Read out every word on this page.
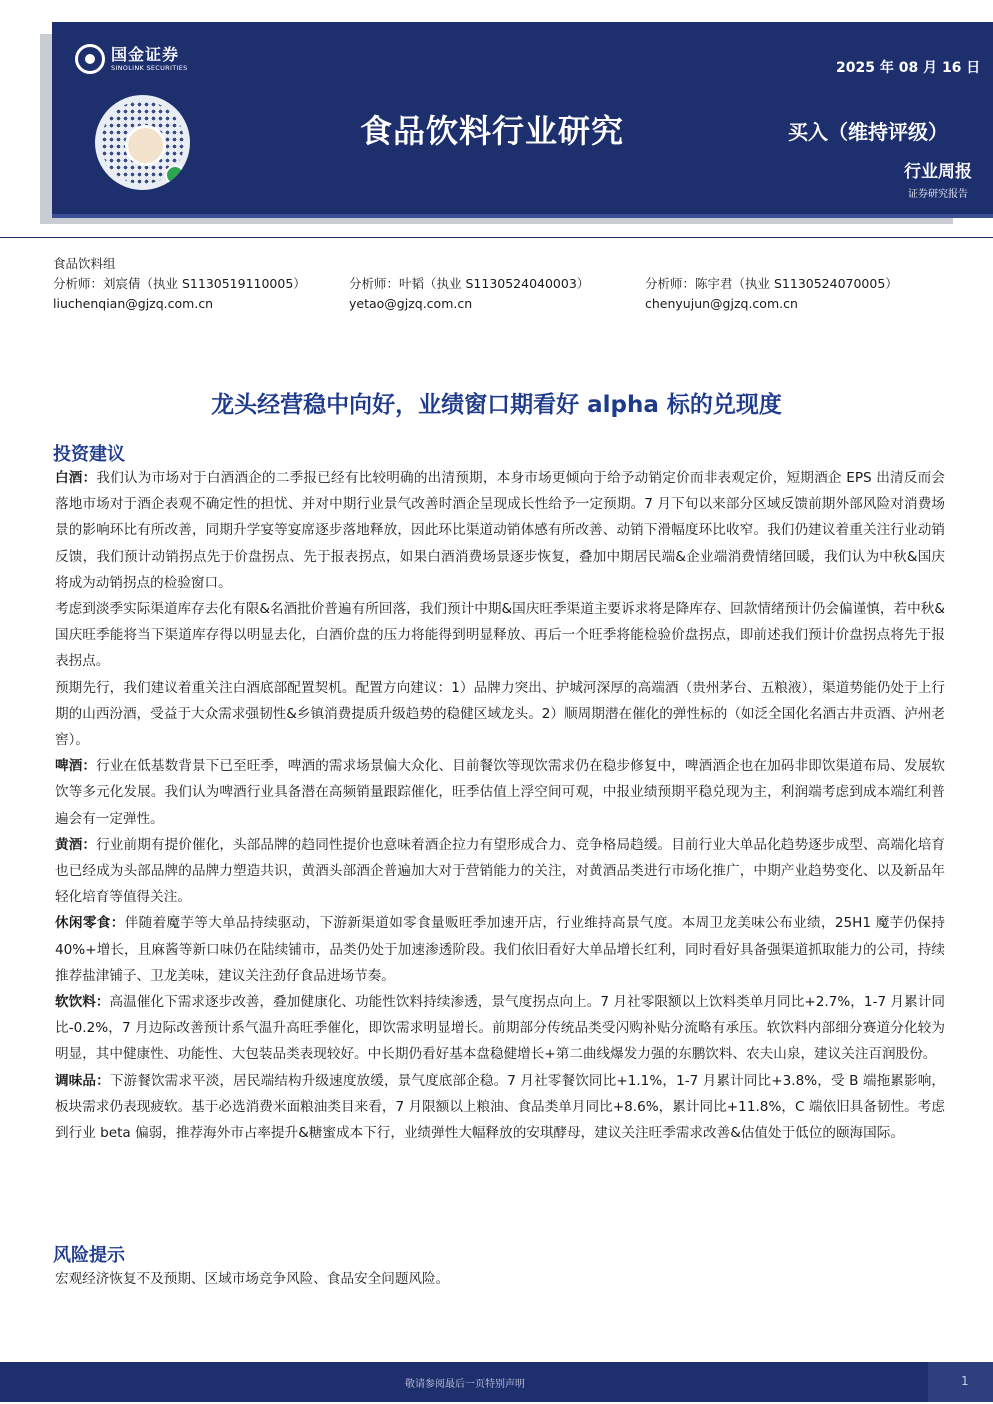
国金证券
SINOLINK SECURITIES	2025 年 08 月 16 日
食品饮料行业研究	买入（维持评级）
行业周报
证券研究报告
食品饮料组
分析师：刘宸倩（执业 S1130519110005）	分析师：叶韬（执业 S1130524040003）	分析师：陈宇君（执业 S1130524070005）
liuchenqian@gjzq.com.cn	yetao@gjzq.com.cn	chenyujun@gjzq.com.cn
龙头经营稳中向好，业绩窗口期看好 alpha 标的兑现度
投资建议

白酒：我们认为市场对于白酒酒企的二季报已经有比较明确的出清预期，本身市场更倾向于给予动销定价而非表观定价，短期酒企 EPS 出清反而会落地市场对于酒企表观不确定性的担忧、并对中期行业景气改善时酒企呈现成长性给予一定预期。7 月下旬以来部分区域反馈前期外部风险对消费场景的影响环比有所改善，同期升学宴等宴席逐步落地释放，因此环比渠道动销体感有所改善、动销下滑幅度环比收窄。我们仍建议着重关注行业动销反馈，我们预计动销拐点先于价盘拐点、先于报表拐点，如果白酒消费场景逐步恢复，叠加中期居民端&企业端消费情绪回暖，我们认为中秋&国庆将成为动销拐点的检验窗口。

考虑到淡季实际渠道库存去化有限&名酒批价普遍有所回落，我们预计中期&国庆旺季渠道主要诉求将是降库存、回款情绪预计仍会偏谨慎，若中秋&国庆旺季能将当下渠道库存得以明显去化，白酒价盘的压力将能得到明显释放、再后一个旺季将能检验价盘拐点，即前述我们预计价盘拐点将先于报表拐点。

预期先行，我们建议着重关注白酒底部配置契机。配置方向建议：1）品牌力突出、护城河深厚的高端酒（贵州茅台、五粮液），渠道势能仍处于上行期的山西汾酒，受益于大众需求强韧性&乡镇消费提质升级趋势的稳健区域龙头。2）顺周期潜在催化的弹性标的（如泛全国化名酒古井贡酒、泸州老窖）。

啤酒：行业在低基数背景下已至旺季，啤酒的需求场景偏大众化、目前餐饮等现饮需求仍在稳步修复中，啤酒酒企也在加码非即饮渠道布局、发展软饮等多元化发展。我们认为啤酒行业具备潜在高频销量跟踪催化，旺季估值上浮空间可观，中报业绩预期平稳兑现为主，利润端考虑到成本端红利普遍会有一定弹性。

黄酒：行业前期有提价催化，头部品牌的趋同性提价也意味着酒企拉力有望形成合力、竞争格局趋缓。目前行业大单品化趋势逐步成型、高端化培育也已经成为头部品牌的品牌力塑造共识，黄酒头部酒企普遍加大对于营销能力的关注，对黄酒品类进行市场化推广，中期产业趋势变化、以及新品年轻化培育等值得关注。

休闲零食：伴随着魔芋等大单品持续驱动，下游新渠道如零食量贩旺季加速开店，行业维持高景气度。本周卫龙美味公布业绩，25H1 魔芋仍保持 40%+增长，且麻酱等新口味仍在陆续铺市，品类仍处于加速渗透阶段。我们依旧看好大单品增长红利，同时看好具备强渠道抓取能力的公司，持续推荐盐津铺子、卫龙美味，建议关注劲仔食品进场节奏。

软饮料：高温催化下需求逐步改善，叠加健康化、功能性饮料持续渗透，景气度拐点向上。7 月社零限额以上饮料类单月同比+2.7%，1-7 月累计同比-0.2%，7 月边际改善预计系气温升高旺季催化，即饮需求明显增长。前期部分传统品类受闪购补贴分流略有承压。软饮料内部细分赛道分化较为明显，其中健康性、功能性、大包装品类表现较好。中长期仍看好基本盘稳健增长+第二曲线爆发力强的东鹏饮料、农夫山泉，建议关注百润股份。

调味品：下游餐饮需求平淡，居民端结构升级速度放缓，景气度底部企稳。7 月社零餐饮同比+1.1%，1-7 月累计同比+3.8%，受 B 端拖累影响，板块需求仍表现疲软。基于必选消费米面粮油类目来看，7 月限额以上粮油、食品类单月同比+8.6%，累计同比+11.8%，C 端依旧具备韧性。考虑到行业 beta 偏弱，推荐海外市占率提升&糖蜜成本下行，业绩弹性大幅释放的安琪酵母，建议关注旺季需求改善&估值处于低位的颐海国际。

风险提示

宏观经济恢复不及预期、区域市场竞争风险、食品安全问题风险。

敬请参阅最后一页特别声明	1
